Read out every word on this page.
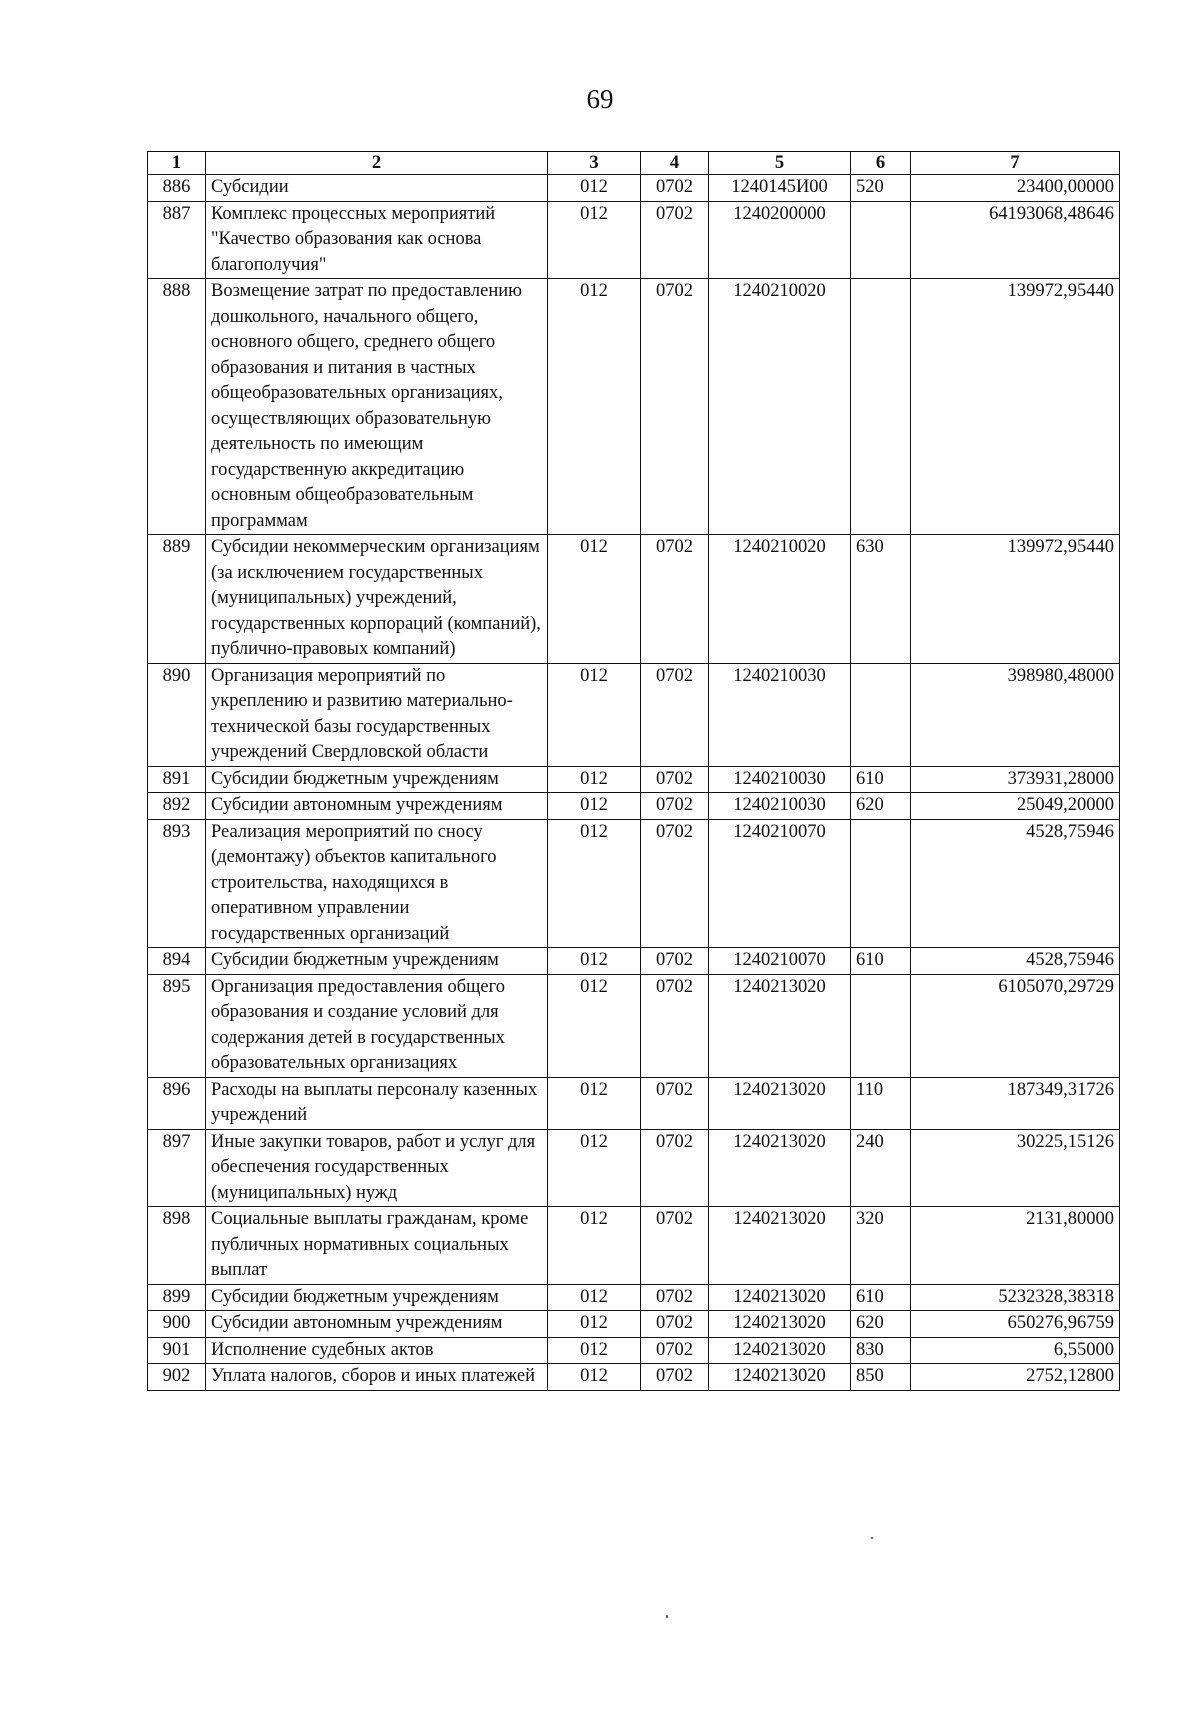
69
1	2	3	4	5	6	7
886	Субсидии	012	0702	1240145И00	520	23400,00000
887	Комплекс процессных мероприятий "Качество образования как основа благополучия"	012	0702	1240200000		64193068,48646
888	Возмещение затрат по предоставлению дошкольного, начального общего, основного общего, среднего общего образования и питания в частных общеобразовательных организациях, осуществляющих образовательную деятельность по имеющим государственную аккредитацию основным общеобразовательным программам	012	0702	1240210020		139972,95440
889	Субсидии некоммерческим организациям (за исключением государственных (муниципальных) учреждений, государственных корпораций (компаний), публично-правовых компаний)	012	0702	1240210020	630	139972,95440
890	Организация мероприятий по укреплению и развитию материально-технической базы государственных учреждений Свердловской области	012	0702	1240210030		398980,48000
891	Субсидии бюджетным учреждениям	012	0702	1240210030	610	373931,28000
892	Субсидии автономным учреждениям	012	0702	1240210030	620	25049,20000
893	Реализация мероприятий по сносу (демонтажу) объектов капитального строительства, находящихся в оперативном управлении государственных организаций	012	0702	1240210070		4528,75946
894	Субсидии бюджетным учреждениям	012	0702	1240210070	610	4528,75946
895	Организация предоставления общего образования и создание условий для содержания детей в государственных образовательных организациях	012	0702	1240213020		6105070,29729
896	Расходы на выплаты персоналу казенных учреждений	012	0702	1240213020	110	187349,31726
897	Иные закупки товаров, работ и услуг для обеспечения государственных (муниципальных) нужд	012	0702	1240213020	240	30225,15126
898	Социальные выплаты гражданам, кроме публичных нормативных социальных выплат	012	0702	1240213020	320	2131,80000
899	Субсидии бюджетным учреждениям	012	0702	1240213020	610	5232328,38318
900	Субсидии автономным учреждениям	012	0702	1240213020	620	650276,96759
901	Исполнение судебных актов	012	0702	1240213020	830	6,55000
902	Уплата налогов, сборов и иных платежей	012	0702	1240213020	850	2752,12800
